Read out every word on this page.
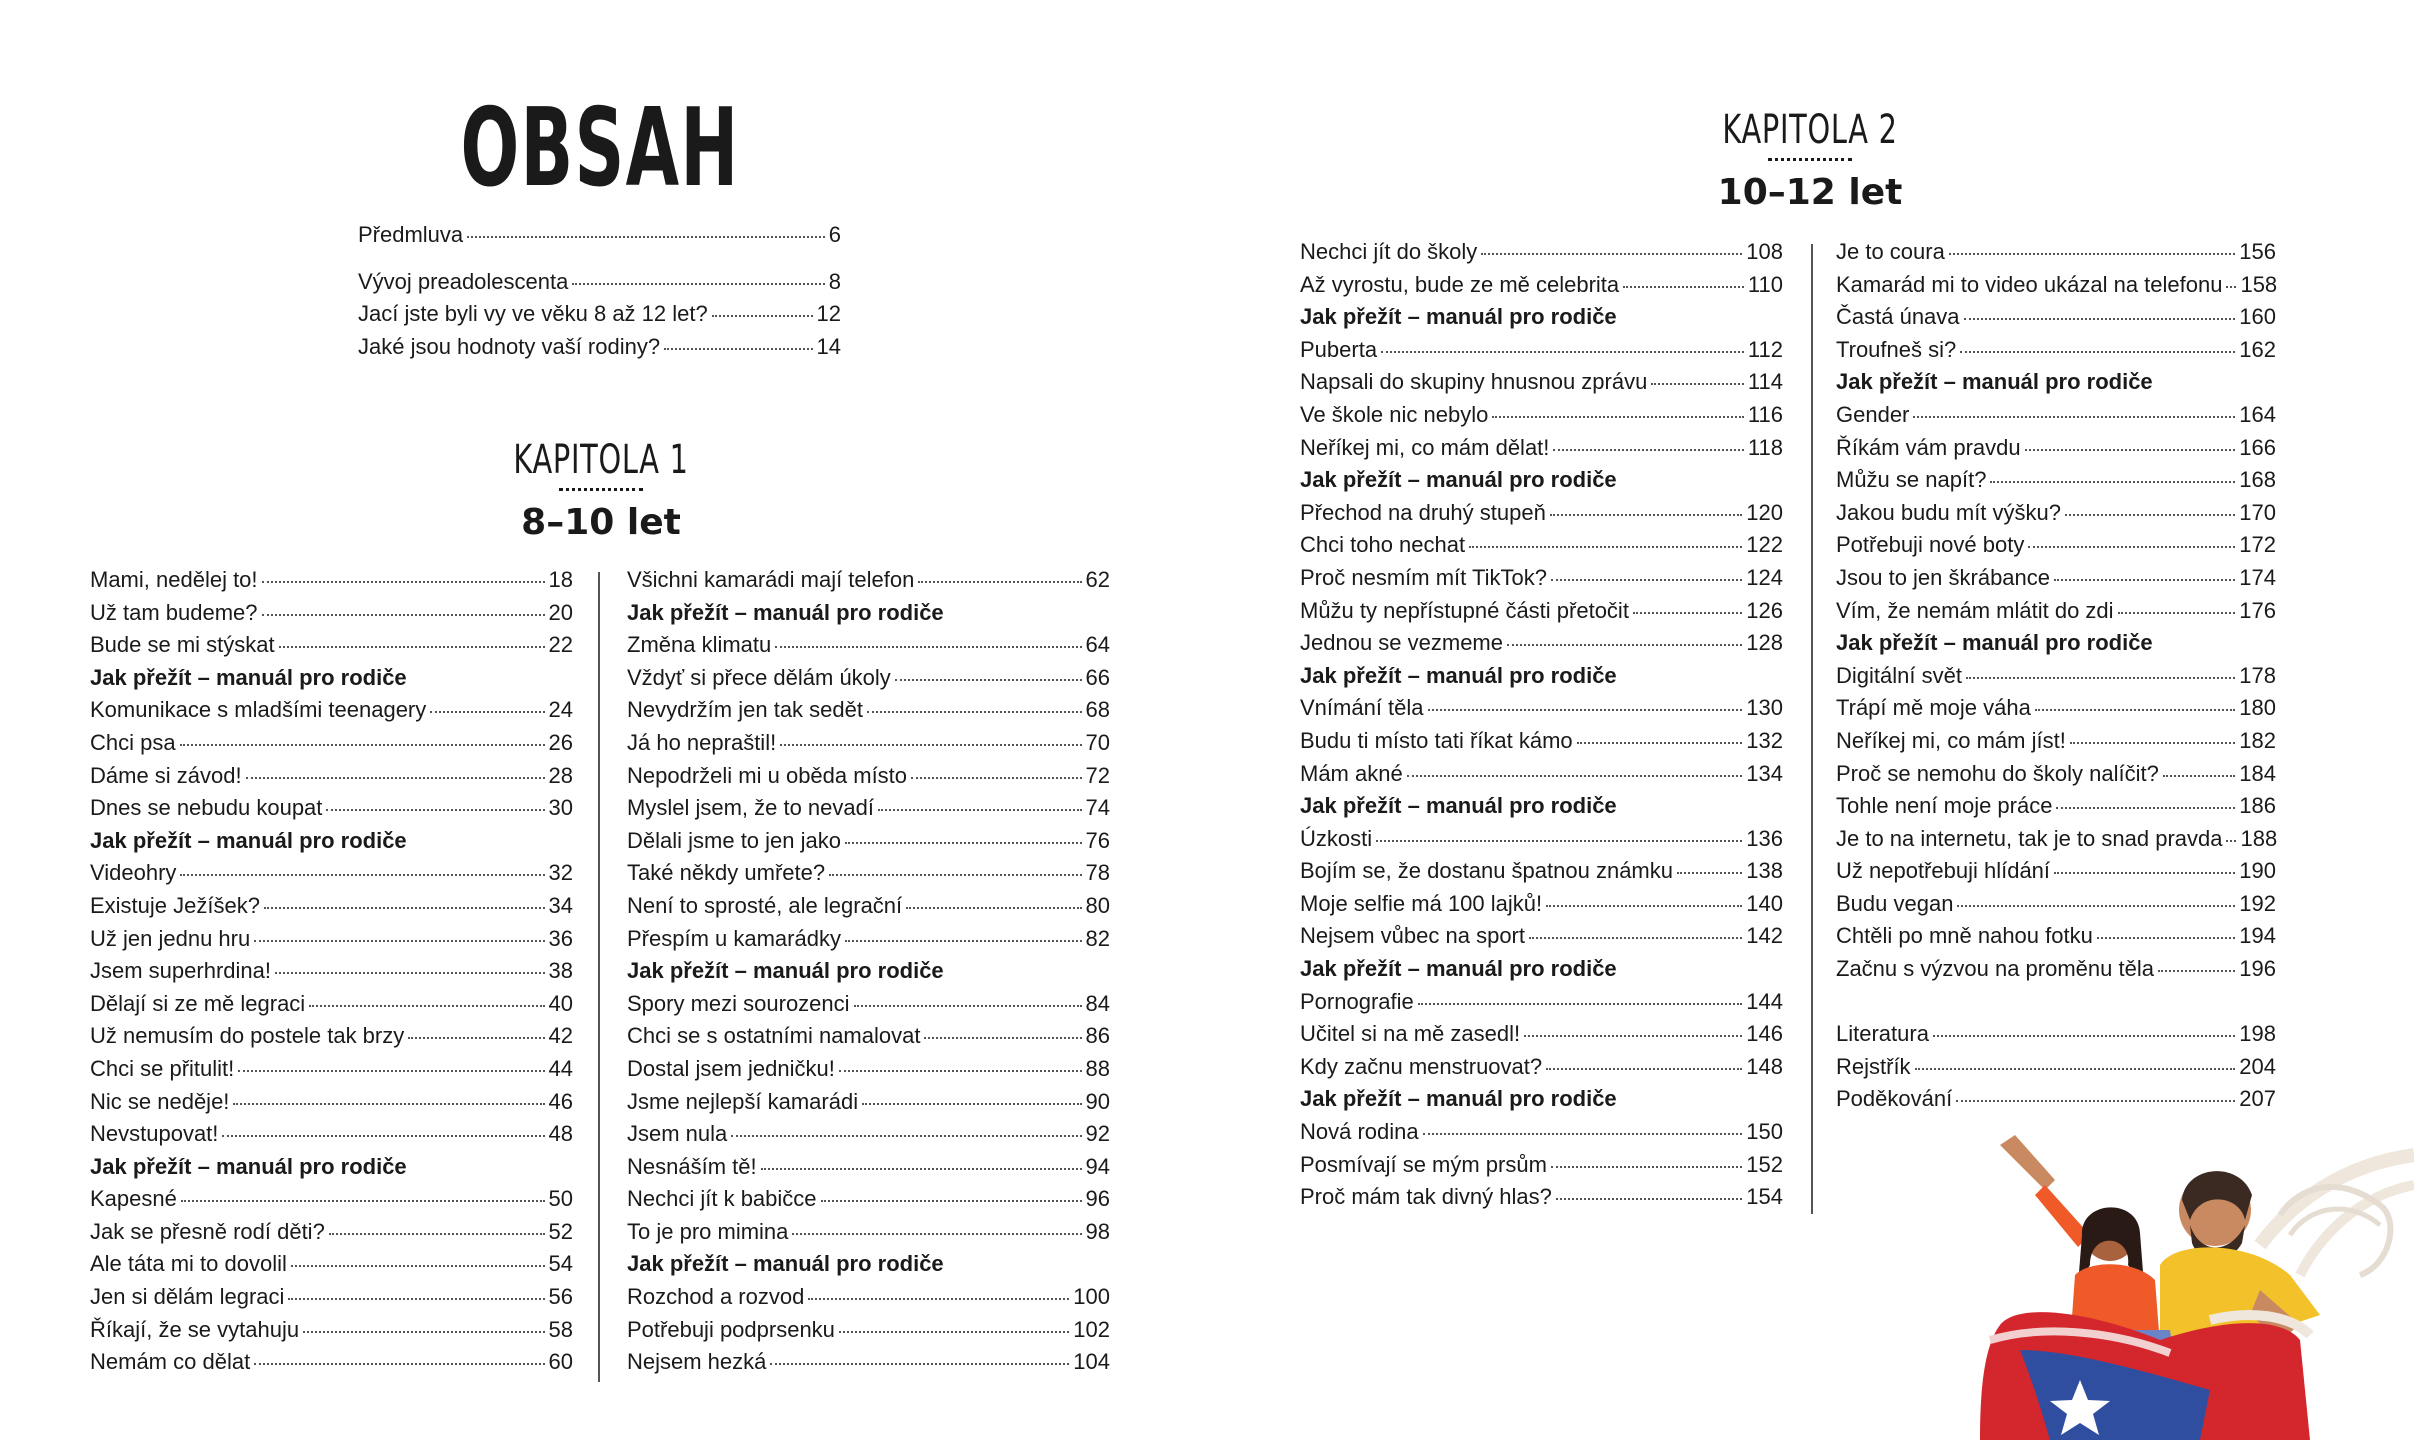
OBSAH
Předmluva	6
Vývoj preadolescenta	8
Jací jste byli vy ve věku 8 až 12 let?	12
Jaké jsou hodnoty vaší rodiny?	14
KAPITOLA 1
8–10 let
KAPITOLA 2
10–12 let
Mami, nedělej to!	18
Už tam budeme?	20
Bude se mi stýskat	22
Jak přežít – manuál pro rodiče
Komunikace s mladšími teenagery	24
Chci psa	26
Dáme si závod!	28
Dnes se nebudu koupat	30
Jak přežít – manuál pro rodiče
Videohry	32
Existuje Ježíšek?	34
Už jen jednu hru	36
Jsem superhrdina!	38
Dělají si ze mě legraci	40
Už nemusím do postele tak brzy	42
Chci se přitulit!	44
Nic se neděje!	46
Nevstupovat!	48
Jak přežít – manuál pro rodiče
Kapesné	50
Jak se přesně rodí děti?	52
Ale táta mi to dovolil	54
Jen si dělám legraci	56
Říkají, že se vytahuju	58
Nemám co dělat	60
Všichni kamarádi mají telefon	62
Jak přežít – manuál pro rodiče
Změna klimatu	64
Vždyť si přece dělám úkoly	66
Nevydržím jen tak sedět	68
Já ho nepraštil!	70
Nepodrželi mi u oběda místo	72
Myslel jsem, že to nevadí	74
Dělali jsme to jen jako	76
Také někdy umřete?	78
Není to sprosté, ale legrační	80
Přespím u kamarádky	82
Jak přežít – manuál pro rodiče
Spory mezi sourozenci	84
Chci se s ostatními namalovat	86
Dostal jsem jedničku!	88
Jsme nejlepší kamarádi	90
Jsem nula	92
Nesnáším tě!	94
Nechci jít k babičce	96
To je pro mimina	98
Jak přežít – manuál pro rodiče
Rozchod a rozvod	100
Potřebuji podprsenku	102
Nejsem hezká	104
Nechci jít do školy	108
Až vyrostu, bude ze mě celebrita	110
Jak přežít – manuál pro rodiče
Puberta	112
Napsali do skupiny hnusnou zprávu	114
Ve škole nic nebylo	116
Neříkej mi, co mám dělat!	118
Jak přežít – manuál pro rodiče
Přechod na druhý stupeň	120
Chci toho nechat	122
Proč nesmím mít TikTok?	124
Můžu ty nepřístupné části přetočit	126
Jednou se vezmeme	128
Jak přežít – manuál pro rodiče
Vnímání těla	130
Budu ti místo tati říkat kámo	132
Mám akné	134
Jak přežít – manuál pro rodiče
Úzkosti	136
Bojím se, že dostanu špatnou známku	138
Moje selfie má 100 lajků!	140
Nejsem vůbec na sport	142
Jak přežít – manuál pro rodiče
Pornografie	144
Učitel si na mě zasedl!	146
Kdy začnu menstruovat?	148
Jak přežít – manuál pro rodiče
Nová rodina	150
Posmívají se mým prsům	152
Proč mám tak divný hlas?	154
Je to coura	156
Kamarád mi to video ukázal na telefonu 158
Častá únava	160
Troufneš si?	162
Jak přežít – manuál pro rodiče
Gender	164
Říkám vám pravdu	166
Můžu se napít?	168
Jakou budu mít výšku?	170
Potřebuji nové boty	172
Jsou to jen škrábance	174
Vím, že nemám mlátit do zdi	176
Jak přežít – manuál pro rodiče
Digitální svět	178
Trápí mě moje váha	180
Neříkej mi, co mám jíst!	182
Proč se nemohu do školy nalíčit?	184
Tohle není moje práce	186
Je to na internetu, tak je to snad pravda 188
Už nepotřebuji hlídání	190
Budu vegan	192
Chtěli po mně nahou fotku	194
Začnu s výzvou na proměnu těla	196
Literatura	198
Rejstřík	204
Poděkování	207
